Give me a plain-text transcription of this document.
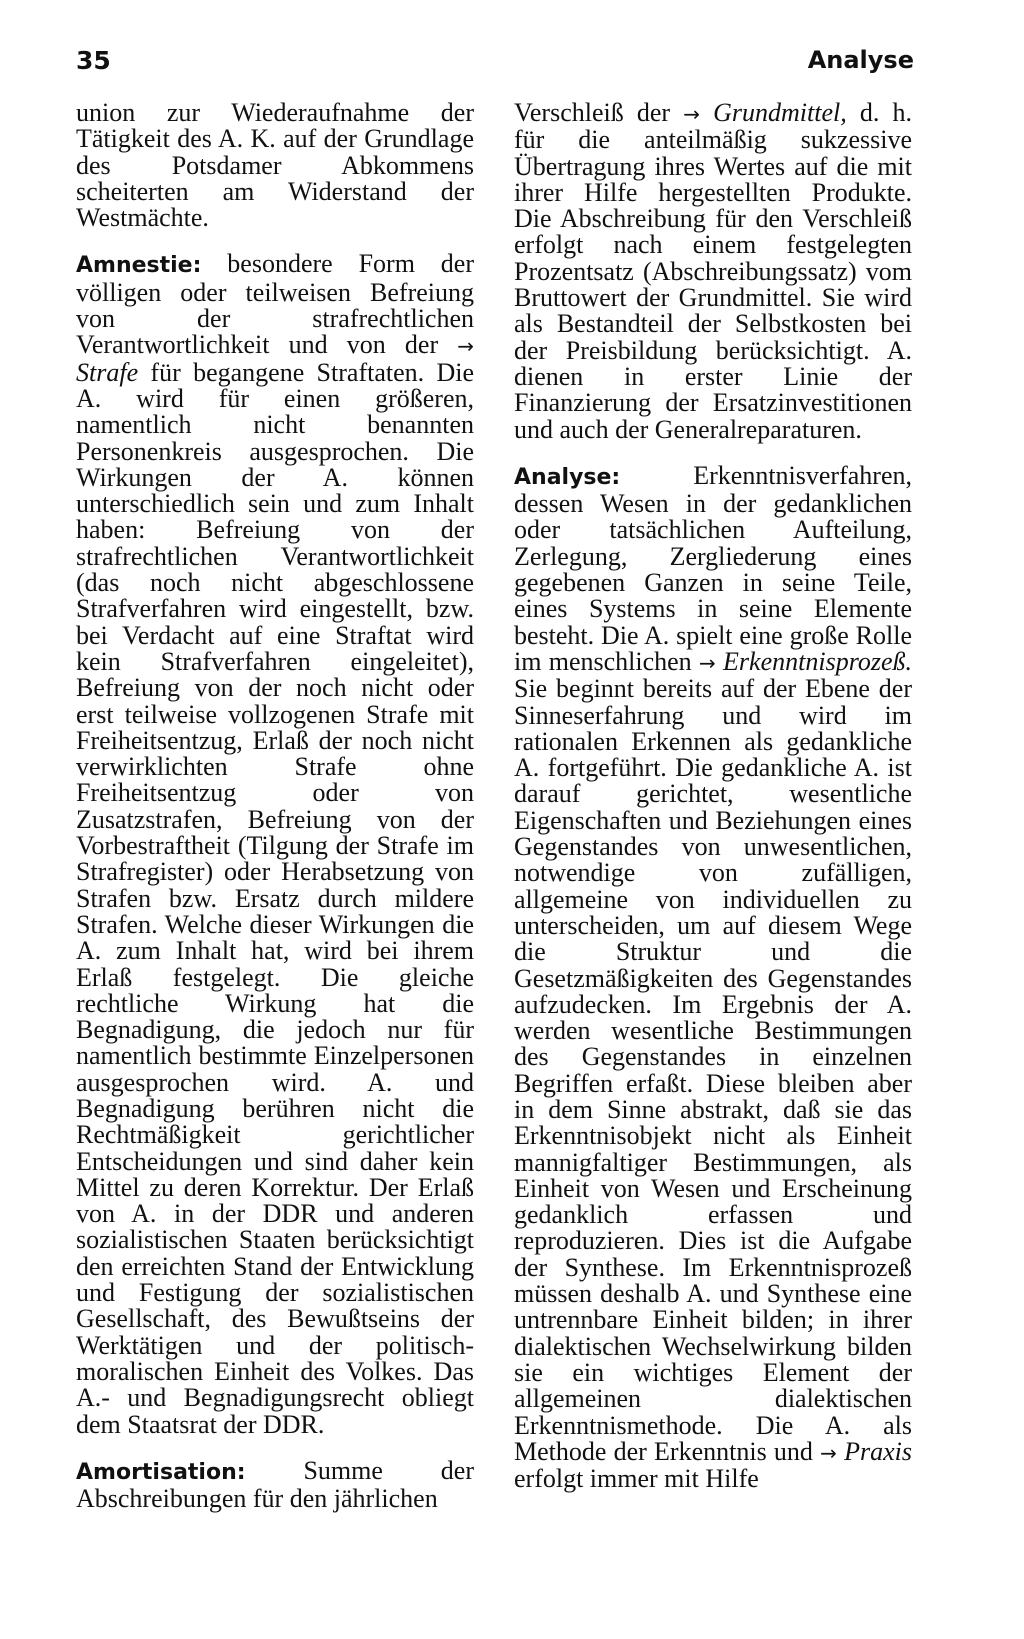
35	Analyse

union zur Wiederaufnahme der Tätigkeit des A. K. auf der Grundlage des Potsdamer Abkommens scheiterten am Widerstand der Westmächte.

Amnestie: besondere Form der völligen oder teilweisen Befreiung von der strafrechtlichen Verantwortlichkeit und von der → Strafe für begangene Straftaten. Die A. wird für einen größeren, namentlich nicht benannten Personenkreis ausgesprochen. Die Wirkungen der A. können unterschiedlich sein und zum Inhalt haben: Befreiung von der strafrechtlichen Verantwortlichkeit (das noch nicht abgeschlossene Strafverfahren wird eingestellt, bzw. bei Verdacht auf eine Straftat wird kein Strafverfahren eingeleitet), Befreiung von der noch nicht oder erst teilweise vollzogenen Strafe mit Freiheitsentzug, Erlaß der noch nicht verwirklichten Strafe ohne Freiheitsentzug oder von Zusatzstrafen, Befreiung von der Vorbestraftheit (Tilgung der Strafe im Strafregister) oder Herabsetzung von Strafen bzw. Ersatz durch mildere Strafen. Welche dieser Wirkungen die A. zum Inhalt hat, wird bei ihrem Erlaß festgelegt. Die gleiche rechtliche Wirkung hat die Begnadigung, die jedoch nur für namentlich bestimmte Einzelpersonen ausgesprochen wird. A. und Begnadigung berühren nicht die Rechtmäßigkeit gerichtlicher Entscheidungen und sind daher kein Mittel zu deren Korrektur. Der Erlaß von A. in der DDR und anderen sozialistischen Staaten berücksichtigt den erreichten Stand der Entwicklung und Festigung der sozialistischen Gesellschaft, des Bewußtseins der Werktätigen und der politisch-moralischen Einheit des Volkes. Das A.- und Begnadigungsrecht obliegt dem Staatsrat der DDR.

Amortisation: Summe der Abschreibungen für den jährlichen

Verschleiß der → Grundmittel, d. h. für die anteilmäßig sukzessive Übertragung ihres Wertes auf die mit ihrer Hilfe hergestellten Produkte. Die Abschreibung für den Verschleiß erfolgt nach einem festgelegten Prozentsatz (Abschreibungssatz) vom Bruttowert der Grundmittel. Sie wird als Bestandteil der Selbstkosten bei der Preisbildung berücksichtigt. A. dienen in erster Linie der Finanzierung der Ersatzinvestitionen und auch der Generalreparaturen.

Analyse: Erkenntnisverfahren, dessen Wesen in der gedanklichen oder tatsächlichen Aufteilung, Zerlegung, Zergliederung eines gegebenen Ganzen in seine Teile, eines Systems in seine Elemente besteht. Die A. spielt eine große Rolle im menschlichen → Erkenntnisprozeß. Sie beginnt bereits auf der Ebene der Sinneserfahrung und wird im rationalen Erkennen als gedankliche A. fortgeführt. Die gedankliche A. ist darauf gerichtet, wesentliche Eigenschaften und Beziehungen eines Gegenstandes von unwesentlichen, notwendige von zufälligen, allgemeine von individuellen zu unterscheiden, um auf diesem Wege die Struktur und die Gesetzmäßigkeiten des Gegenstandes aufzudecken. Im Ergebnis der A. werden wesentliche Bestimmungen des Gegenstandes in einzelnen Begriffen erfaßt. Diese bleiben aber in dem Sinne abstrakt, daß sie das Erkenntnisobjekt nicht als Einheit mannigfaltiger Bestimmungen, als Einheit von Wesen und Erscheinung gedanklich erfassen und reproduzieren. Dies ist die Aufgabe der Synthese. Im Erkenntnisprozeß müssen deshalb A. und Synthese eine untrennbare Einheit bilden; in ihrer dialektischen Wechselwirkung bilden sie ein wichtiges Element der allgemeinen dialektischen Erkenntnismethode. Die A. als Methode der Erkenntnis und → Praxis erfolgt immer mit Hilfe
